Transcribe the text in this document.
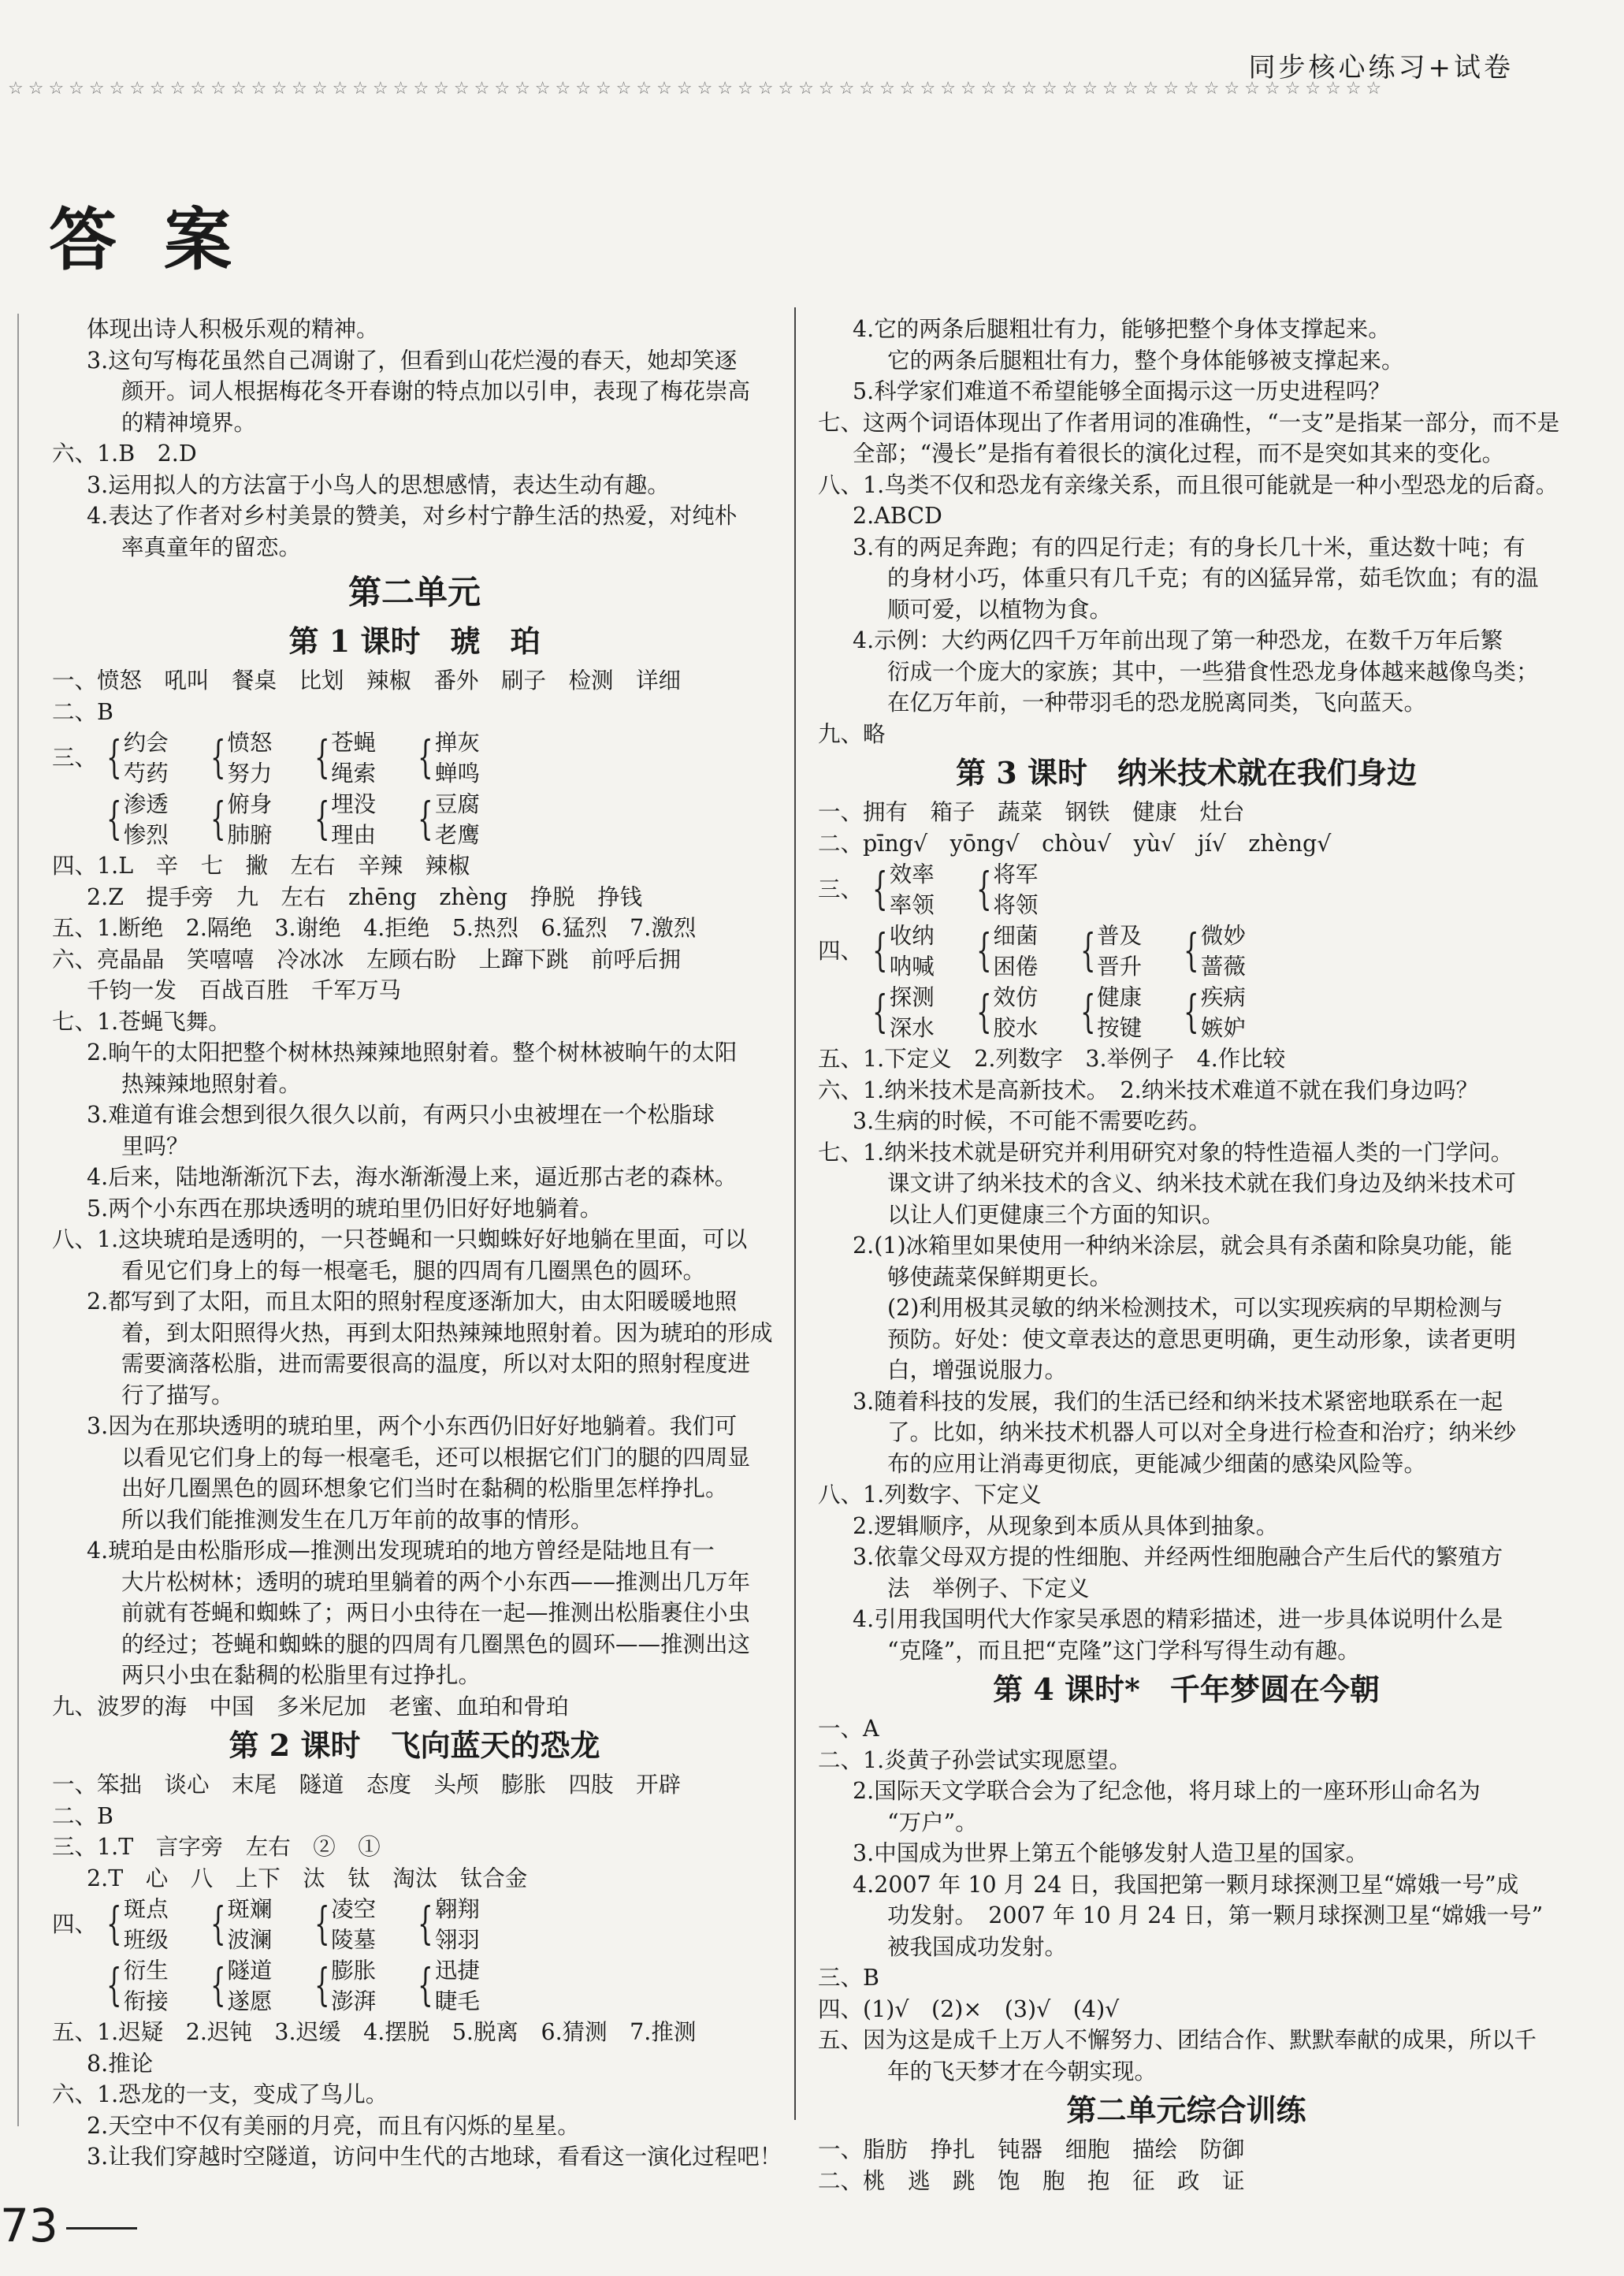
同步核心练习+试卷
☆☆☆☆☆☆☆☆☆☆☆☆☆☆☆☆☆☆☆☆☆☆☆☆☆☆☆☆☆☆☆☆☆☆☆☆☆☆☆☆☆☆☆☆☆☆☆☆☆☆☆☆☆☆☆☆☆☆☆☆☆☆☆☆☆☆☆☆
答案
体现出诗人积极乐观的精神。
3.这句写梅花虽然自己凋谢了，但看到山花烂漫的春天，她却笑逐
颜开。词人根据梅花冬开春谢的特点加以引申，表现了梅花崇高
的精神境界。
六、1.B　2.D
3.运用拟人的方法富于小鸟人的思想感情，表达生动有趣。
4.表达了作者对乡村美景的赞美，对乡村宁静生活的热爱，对纯朴
率真童年的留恋。
第二单元
第 1 课时　琥　珀
一、愤怒　吼叫　餐桌　比划　辣椒　番外　刷子　检测　详细
二、B
三、 { 约会
芍药 { 愤怒
努力 { 苍蝇
绳索 { 掸灰
蝉鸣
{ 渗透
惨烈 { 俯身
肺腑 { 埋没
理由 { 豆腐
老鹰
四、1.L　辛　七　撇　左右　辛辣　辣椒
2.Z　提手旁　九　左右　zhēng　zhèng　挣脱　挣钱
五、1.断绝　2.隔绝　3.谢绝　4.拒绝　5.热烈　6.猛烈　7.激烈
六、亮晶晶　笑嘻嘻　冷冰冰　左顾右盼　上蹿下跳　前呼后拥
千钧一发　百战百胜　千军万马
七、1.苍蝇飞舞。
2.晌午的太阳把整个树林热辣辣地照射着。整个树林被晌午的太阳
热辣辣地照射着。
3.难道有谁会想到很久很久以前，有两只小虫被埋在一个松脂球
里吗？
4.后来，陆地渐渐沉下去，海水渐渐漫上来，逼近那古老的森林。
5.两个小东西在那块透明的琥珀里仍旧好好地躺着。
八、1.这块琥珀是透明的，一只苍蝇和一只蜘蛛好好地躺在里面，可以
看见它们身上的每一根毫毛，腿的四周有几圈黑色的圆环。
2.都写到了太阳，而且太阳的照射程度逐渐加大，由太阳暖暖地照
着，到太阳照得火热，再到太阳热辣辣地照射着。因为琥珀的形成
需要滴落松脂，进而需要很高的温度，所以对太阳的照射程度进
行了描写。
3.因为在那块透明的琥珀里，两个小东西仍旧好好地躺着。我们可
以看见它们身上的每一根毫毛，还可以根据它们门的腿的四周显
出好几圈黑色的圆环想象它们当时在黏稠的松脂里怎样挣扎。
所以我们能推测发生在几万年前的故事的情形。
4.琥珀是由松脂形成—推测出发现琥珀的地方曾经是陆地且有一
大片松树林；透明的琥珀里躺着的两个小东西——推测出几万年
前就有苍蝇和蜘蛛了；两日小虫待在一起—推测出松脂裹住小虫
的经过；苍蝇和蜘蛛的腿的四周有几圈黑色的圆环——推测出这
两只小虫在黏稠的松脂里有过挣扎。
九、波罗的海　中国　多米尼加　老蜜、血珀和骨珀
第 2 课时　飞向蓝天的恐龙
一、笨拙　谈心　末尾　隧道　态度　头颅　膨胀　四肢　开辟
二、B
三、1.T　言字旁　左右　②　①
2.T　心　八　上下　汰　钛　淘汰　钛合金
四、 { 斑点
班级 { 斑斓
波澜 { 凌空
陵墓 { 翱翔
翎羽
{ 衍生
衔接 { 隧道
遂愿 { 膨胀
澎湃 { 迅捷
睫毛
五、1.迟疑　2.迟钝　3.迟缓　4.摆脱　5.脱离　6.猜测　7.推测
8.推论
六、1.恐龙的一支，变成了鸟儿。
2.天空中不仅有美丽的月亮，而且有闪烁的星星。
3.让我们穿越时空隧道，访问中生代的古地球，看看这一演化过程吧！
4.它的两条后腿粗壮有力，能够把整个身体支撑起来。
它的两条后腿粗壮有力，整个身体能够被支撑起来。
5.科学家们难道不希望能够全面揭示这一历史进程吗？
七、这两个词语体现出了作者用词的准确性，“一支”是指某一部分，而不是
全部；“漫长”是指有着很长的演化过程，而不是突如其来的变化。
八、1.鸟类不仅和恐龙有亲缘关系，而且很可能就是一种小型恐龙的后裔。
2.ABCD
3.有的两足奔跑；有的四足行走；有的身长几十米，重达数十吨；有
的身材小巧，体重只有几千克；有的凶猛异常，茹毛饮血；有的温
顺可爱，以植物为食。
4.示例：大约两亿四千万年前出现了第一种恐龙，在数千万年后繁
衍成一个庞大的家族；其中，一些猎食性恐龙身体越来越像鸟类；
在亿万年前，一种带羽毛的恐龙脱离同类，飞向蓝天。
九、略
第 3 课时　纳米技术就在我们身边
一、拥有　箱子　蔬菜　钢铁　健康　灶台
二、pīng√　yōng√　chòu√　yù√　jí√　zhèng√
三、 { 效率
率领 { 将军
将领
四、 { 收纳
呐喊 { 细菌
困倦 { 普及
晋升 { 微妙
蔷薇
{ 探测
深水 { 效仿
胶水 { 健康
按键 { 疾病
嫉妒
五、1.下定义　2.列数字　3.举例子　4.作比较
六、1.纳米技术是高新技术。　2.纳米技术难道不就在我们身边吗？
3.生病的时候，不可能不需要吃药。
七、1.纳米技术就是研究并利用研究对象的特性造福人类的一门学问。
课文讲了纳米技术的含义、纳米技术就在我们身边及纳米技术可
以让人们更健康三个方面的知识。
2.(1)冰箱里如果使用一种纳米涂层，就会具有杀菌和除臭功能，能
够使蔬菜保鲜期更长。
(2)利用极其灵敏的纳米检测技术，可以实现疾病的早期检测与
预防。好处：使文章表达的意思更明确，更生动形象，读者更明
白，增强说服力。
3.随着科技的发展，我们的生活已经和纳米技术紧密地联系在一起
了。比如，纳米技术机器人可以对全身进行检查和治疗；纳米纱
布的应用让消毒更彻底，更能减少细菌的感染风险等。
八、1.列数字、下定义
2.逻辑顺序，从现象到本质从具体到抽象。
3.依靠父母双方提的性细胞、并经两性细胞融合产生后代的繁殖方
法　举例子、下定义
4.引用我国明代大作家吴承恩的精彩描述，进一步具体说明什么是
“克隆”，而且把“克隆”这门学科写得生动有趣。
第 4 课时*　千年梦圆在今朝
一、A
二、1.炎黄子孙尝试实现愿望。
2.国际天文学联合会为了纪念他，将月球上的一座环形山命名为
“万户”。
3.中国成为世界上第五个能够发射人造卫星的国家。
4.2007 年 10 月 24 日，我国把第一颗月球探测卫星“嫦娥一号”成
功发射。　2007 年 10 月 24 日，第一颗月球探测卫星“嫦娥一号”
被我国成功发射。
三、B
四、(1)√　(2)×　(3)√　(4)√
五、因为这是成千上万人不懈努力、团结合作、默默奉献的成果，所以千
年的飞天梦才在今朝实现。
第二单元综合训练
一、脂肪　挣扎　钝器　细胞　描绘　防御
二、桃　逃　跳　饱　胞　抱　征　政　证
73
